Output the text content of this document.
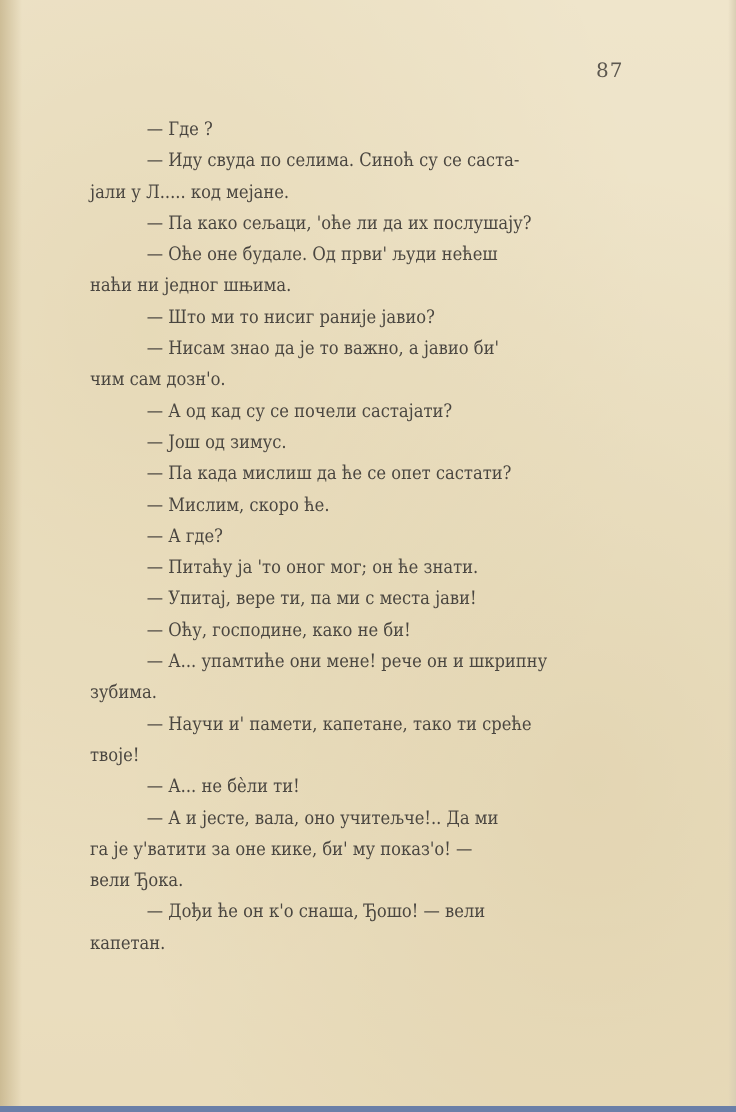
87
— Где ?
— Иду свуда по селима. Синоћ су се саста-
јали у Л..... код мејане.
— Па како сељаци, 'оће ли да их послушају?
— Оће оне будале. Од први' људи нећеш
наћи ни једног шњима.
— Што ми то нисиг раније јавио?
— Нисам знао да је то важно, а јавио би'
чим сам дозн'о.
— А од кад су се почели састајати?
— Још од зимус.
— Па када мислиш да ће се опет састати?
— Мислим, скоро ће.
— А где?
— Питаћу ја 'то оног мог; он ће знати.
— Упитај, вере ти, па ми с места јави!
— Оћу, господине, како не би!
— А... упамтиће они мене! рече он и шкрипну
зубима.
— Научи и' памети, капетане, тако ти среће
твоје!
— А... не бѐли ти!
— А и јесте, вала, оно учитељче!.. Да ми
га је у'ватити за оне кике, би' му показ'о! —
вели Ђока.
— Дођи ће он к'о снаша, Ђошо! — вели
капетан.
